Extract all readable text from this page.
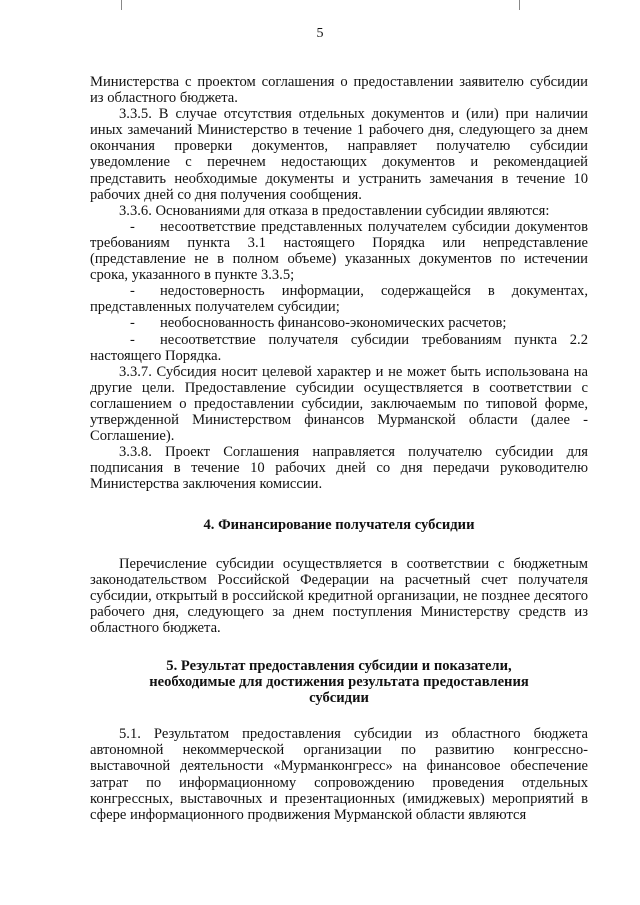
5

Министерства с проектом соглашения о предоставлении заявителю субсидии из областного бюджета.

3.3.5. В случае отсутствия отдельных документов и (или) при наличии иных замечаний Министерство в течение 1 рабочего дня, следующего за днем окончания проверки документов, направляет получателю субсидии уведомление с перечнем недостающих документов и рекомендацией представить необходимые документы и устранить замечания в течение 10 рабочих дней со дня получения сообщения.

3.3.6. Основаниями для отказа в предоставлении субсидии являются:

- несоответствие представленных получателем субсидии документов требованиям пункта 3.1 настоящего Порядка или непредставление (представление не в полном объеме) указанных документов по истечении срока, указанного в пункте 3.3.5;
- недостоверность информации, содержащейся в документах, представленных получателем субсидии;
- необоснованность финансово-экономических расчетов;
- несоответствие получателя субсидии требованиям пункта 2.2 настоящего Порядка.

3.3.7. Субсидия носит целевой характер и не может быть использована на другие цели. Предоставление субсидии осуществляется в соответствии с соглашением о предоставлении субсидии, заключаемым по типовой форме, утвержденной Министерством финансов Мурманской области (далее - Соглашение).

3.3.8. Проект Соглашения направляется получателю субсидии для подписания в течение 10 рабочих дней со дня передачи руководителю Министерства заключения комиссии.

4. Финансирование получателя субсидии

Перечисление субсидии осуществляется в соответствии с бюджетным законодательством Российской Федерации на расчетный счет получателя субсидии, открытый в российской кредитной организации, не позднее десятого рабочего дня, следующего за днем поступления Министерству средств из областного бюджета.

5. Результат предоставления субсидии и показатели,
необходимые для достижения результата предоставления
субсидии

5.1. Результатом предоставления субсидии из областного бюджета автономной некоммерческой организации по развитию конгрессно-выставочной деятельности «Мурманконгресс» на финансовое обеспечение затрат по информационному сопровождению проведения отдельных конгрессных, выставочных и презентационных (имиджевых) мероприятий в сфере информационного продвижения Мурманской области являются
